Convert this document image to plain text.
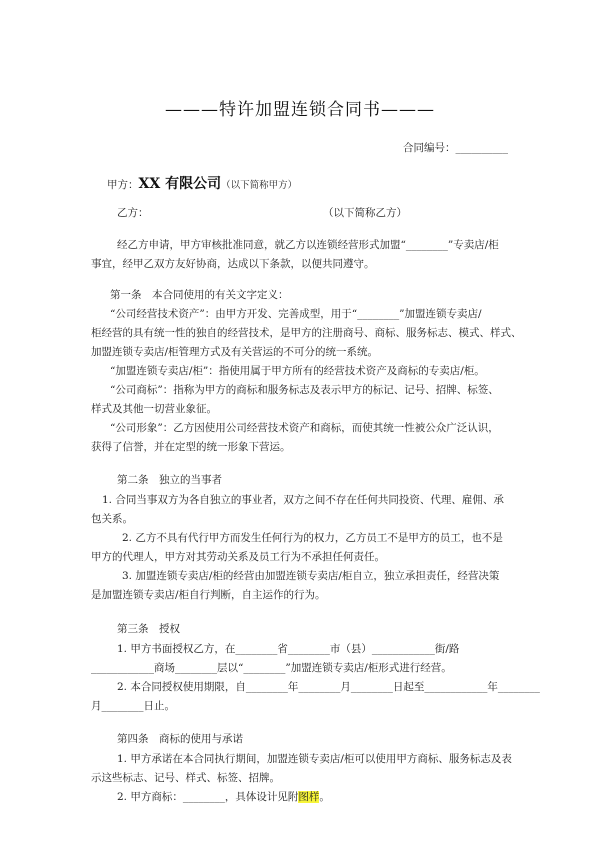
———特许加盟连锁合同书———
合同编号：__________
甲方：XX 有限公司（以下简称甲方）
乙方：	（以下简称乙方）
经乙方申请，甲方审核批准同意，就乙方以连锁经营形式加盟“________”专卖店/柜
事宜，经甲乙双方友好协商，达成以下条款，以便共同遵守。
第一条　本合同使用的有关文字定义：
“公司经营技术资产”：由甲方开发、完善成型，用于“________”加盟连锁专卖店/
柜经营的具有统一性的独自的经营技术，是甲方的注册商号、商标、服务标志、模式、样式、
加盟连锁专卖店/柜管理方式及有关营运的不可分的统一系统。
“加盟连锁专卖店/柜”：指使用属于甲方所有的经营技术资产及商标的专卖店/柜。
“公司商标”：指称为甲方的商标和服务标志及表示甲方的标记、记号、招牌、标签、
样式及其他一切营业象征。
“公司形象”：乙方因使用公司经营技术资产和商标，而使其统一性被公众广泛认识，
获得了信誉，并在定型的统一形象下营运。
第二条　独立的当事者
1. 合同当事双方为各自独立的事业者，双方之间不存在任何共同投资、代理、雇佣、承
包关系。
2. 乙方不具有代行甲方而发生任何行为的权力，乙方员工不是甲方的员工，也不是
甲方的代理人，甲方对其劳动关系及员工行为不承担任何责任。
3. 加盟连锁专卖店/柜的经营由加盟连锁专卖店/柜自立，独立承担责任，经营决策
是加盟连锁专卖店/柜自行判断，自主运作的行为。
第三条　授权
1. 甲方书面授权乙方，在________省________市（县）____________街/路
____________商场________层以“________”加盟连锁专卖店/柜形式进行经营。
2. 本合同授权使用期限，自________年________月________日起至____________年________
月________日止。
第四条　商标的使用与承诺
1. 甲方承诺在本合同执行期间，加盟连锁专卖店/柜可以使用甲方商标、服务标志及表
示这些标志、记号、样式、标签、招牌。
2. 甲方商标：________，具体设计见附图样。
